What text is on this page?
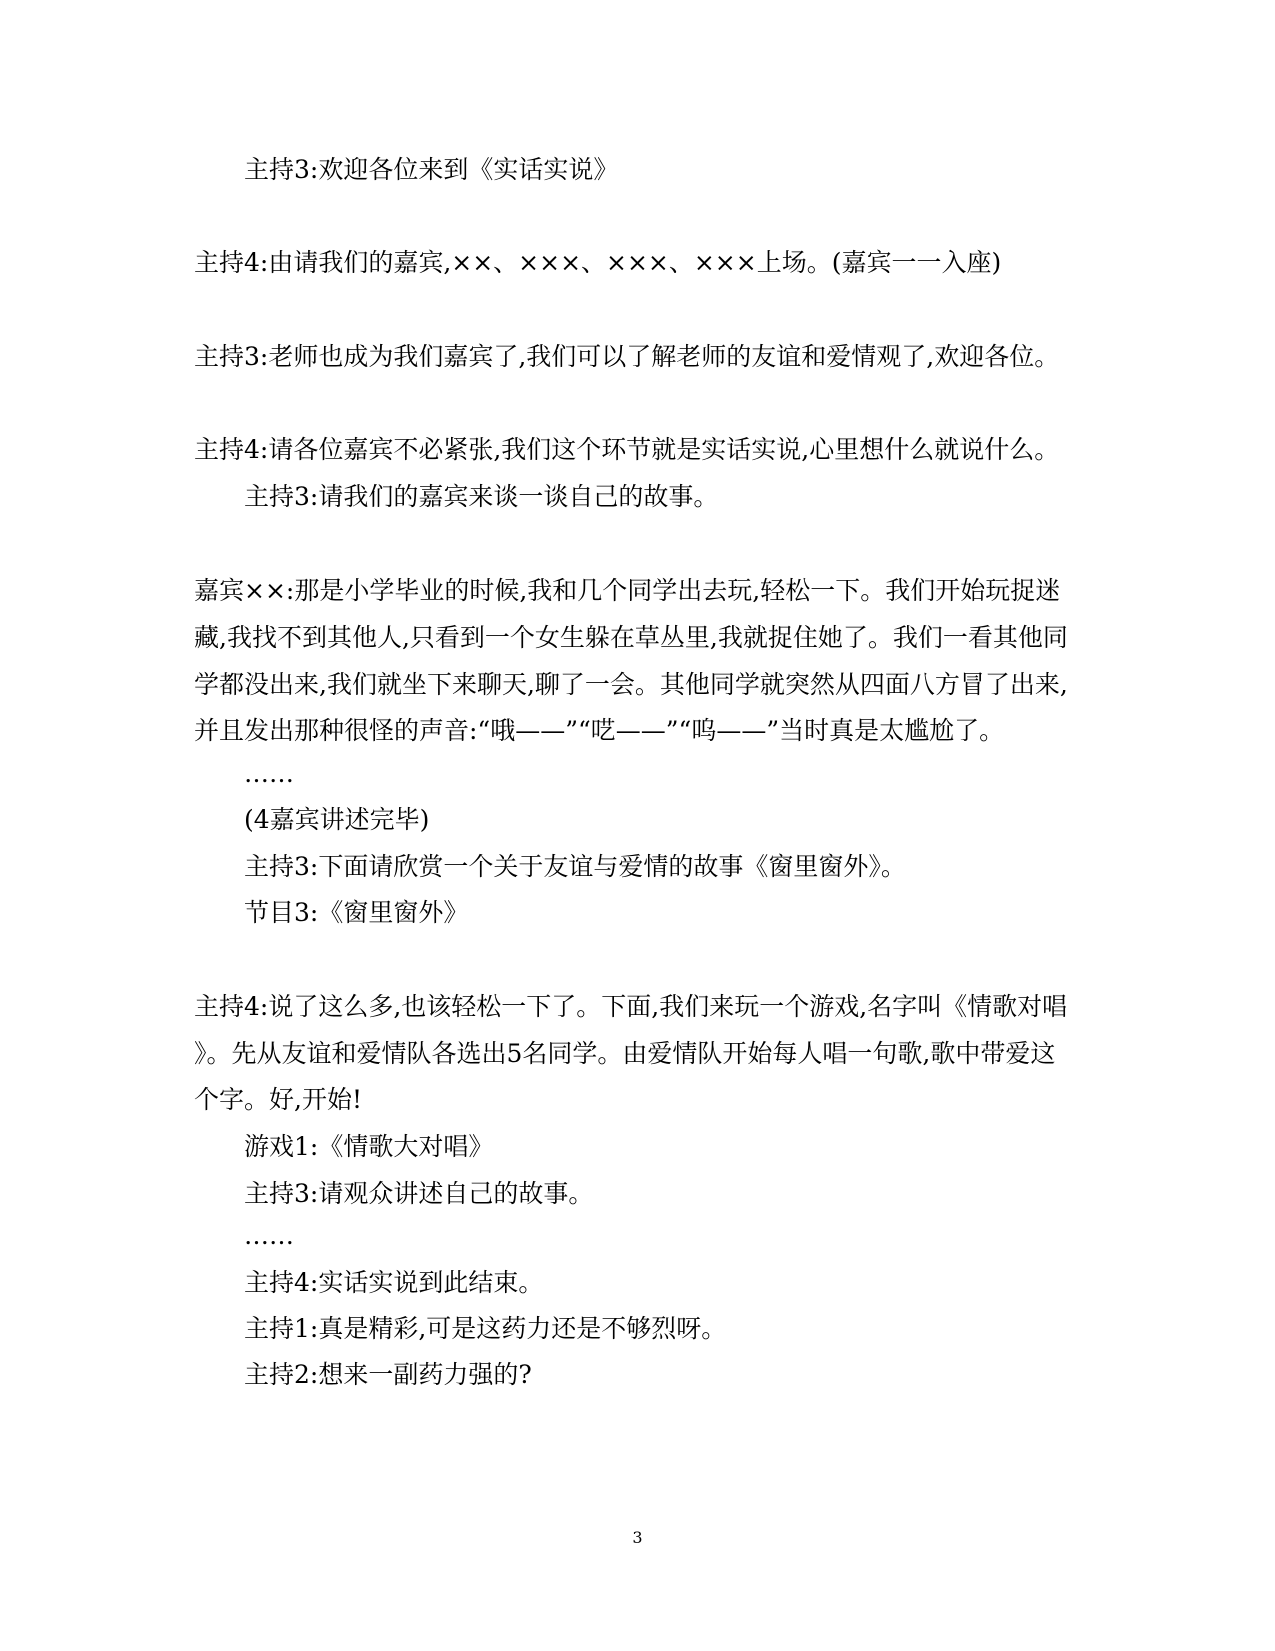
主持3:欢迎各位来到《实话实说》
主持4:由请我们的嘉宾,××、×××、×××、×××上场。(嘉宾一一入座)
主持3:老师也成为我们嘉宾了,我们可以了解老师的友谊和爱情观了,欢迎各位。
主持4:请各位嘉宾不必紧张,我们这个环节就是实话实说,心里想什么就说什么。
主持3:请我们的嘉宾来谈一谈自己的故事。
嘉宾××:那是小学毕业的时候,我和几个同学出去玩,轻松一下。我们开始玩捉迷
藏,我找不到其他人,只看到一个女生躲在草丛里,我就捉住她了。我们一看其他同
学都没出来,我们就坐下来聊天,聊了一会。其他同学就突然从四面八方冒了出来,
并且发出那种很怪的声音:“哦——”“呓——”“呜——”当时真是太尴尬了。
……
(4嘉宾讲述完毕)
主持3:下面请欣赏一个关于友谊与爱情的故事《窗里窗外》。
节目3:《窗里窗外》
主持4:说了这么多,也该轻松一下了。下面,我们来玩一个游戏,名字叫《情歌对唱
》。先从友谊和爱情队各选出5名同学。由爱情队开始每人唱一句歌,歌中带爱这
个字。好,开始!
游戏1:《情歌大对唱》
主持3:请观众讲述自己的故事。
……
主持4:实话实说到此结束。
主持1:真是精彩,可是这药力还是不够烈呀。
主持2:想来一副药力强的?
3
